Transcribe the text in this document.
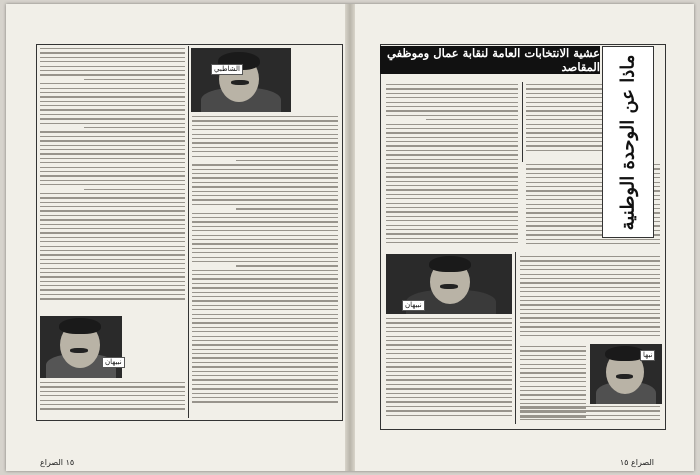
الشاطبي
نبيهان
١٥ الصراع
نبيهان
نبها
الصراع ١٥
عشية الانتخابات العامة لنقابة عمال وموظفي المقاصد ماذا عن الوحدة الوطنية
